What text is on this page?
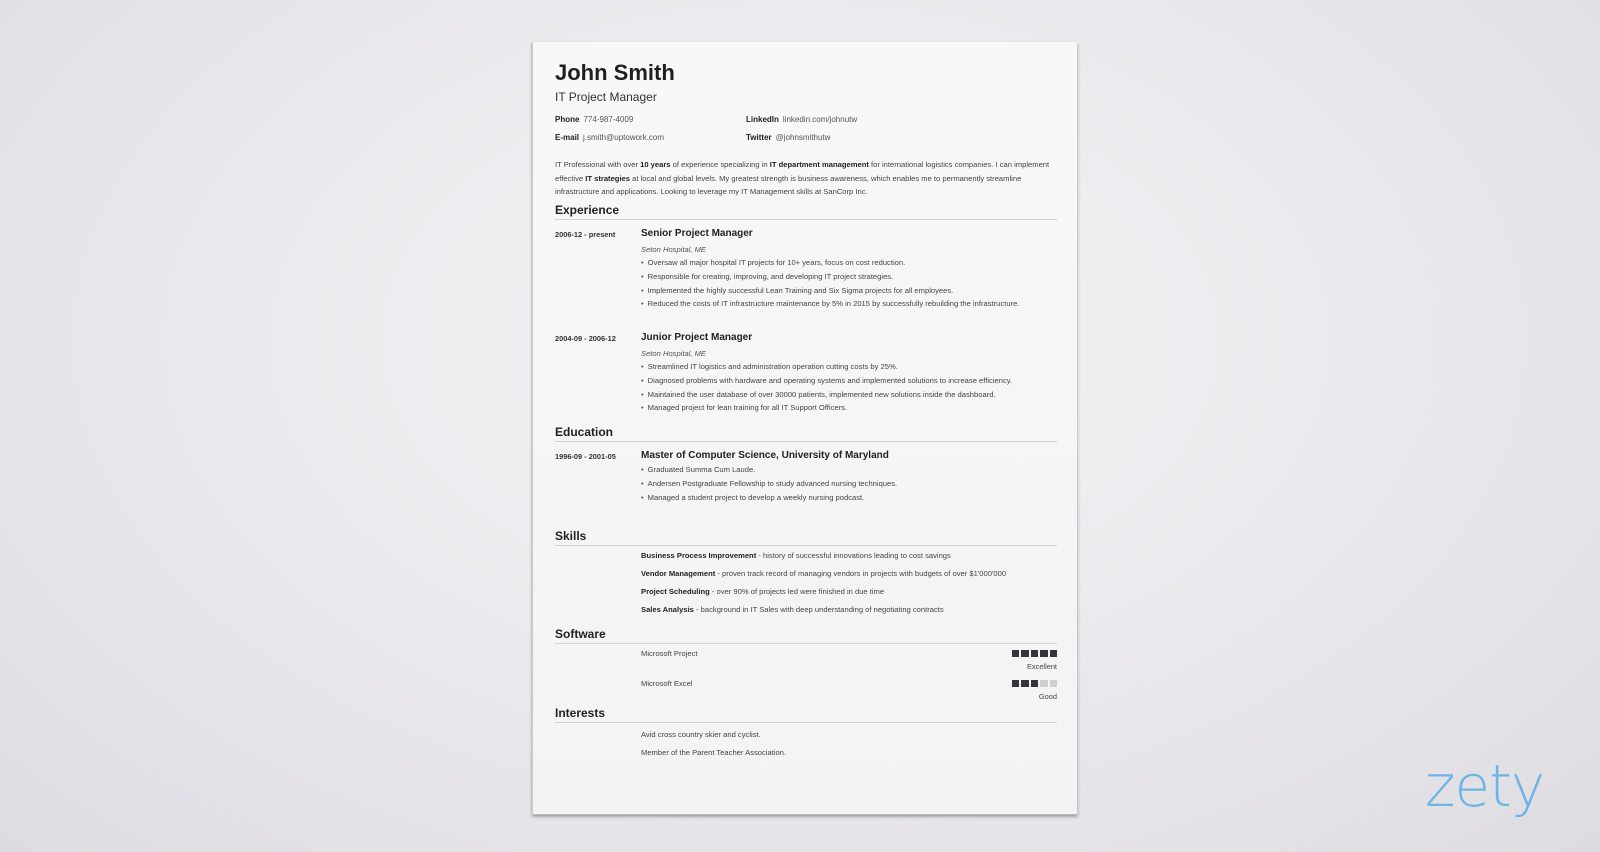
John Smith
IT Project Manager
Phone 774-987-4009
E-mail j.smith@uptowork.com
LinkedIn linkedin.com/johnutw
Twitter @johnsmithutw

IT Professional with over 10 years of experience specializing in IT department management for international logistics companies. I can implement effective IT strategies at local and global levels. My greatest strength is business awareness, which enables me to permanently streamline infrastructure and applications. Looking to leverage my IT Management skills at SanCorp Inc.

Experience
2006-12 - present	Senior Project Manager
Seton Hospital, ME
• Oversaw all major hospital IT projects for 10+ years, focus on cost reduction.
• Responsible for creating, improving, and developing IT project strategies.
• Implemented the highly successful Lean Training and Six Sigma projects for all employees.
• Reduced the costs of IT infrastructure maintenance by 5% in 2015 by successfully rebuilding the infrastructure.
2004-09 - 2006-12	Junior Project Manager
Seton Hospital, ME
• Streamlined IT logistics and administration operation cutting costs by 25%.
• Diagnosed problems with hardware and operating systems and implemented solutions to increase efficiency.
• Maintained the user database of over 30000 patients, implemented new solutions inside the dashboard.
• Managed project for lean training for all IT Support Officers.
Education
1996-09 - 2001-05	Master of Computer Science, University of Maryland
• Graduated Summa Cum Laude.
• Andersen Postgraduate Fellowship to study advanced nursing techniques.
• Managed a student project to develop a weekly nursing podcast.
Skills
Business Process Improvement - history of successful innovations leading to cost savings
Vendor Management - proven track record of managing vendors in projects with budgets of over $1'000'000
Project Scheduling - over 90% of projects led were finished in due time
Sales Analysis - background in IT Sales with deep understanding of negotiating contracts
Software
Microsoft Project
Excellent
Microsoft Excel
Good
Interests
Avid cross country skier and cyclist.
Member of the Parent Teacher Association.	zety
